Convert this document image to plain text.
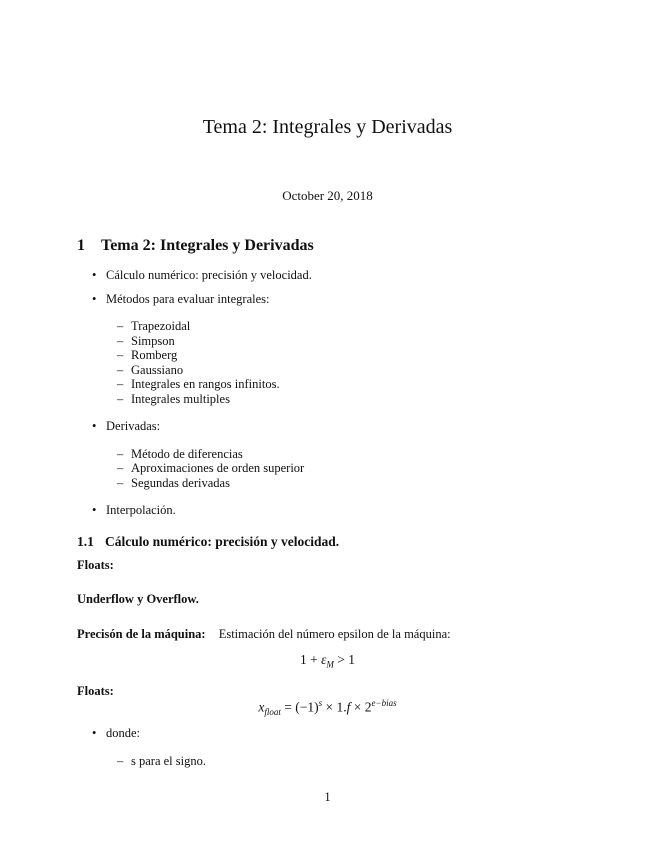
Tema 2: Integrales y Derivadas
October 20, 2018
1 Tema 2: Integrales y Derivadas
• Cálculo numérico: precisión y velocidad.
• Métodos para evaluar integrales:
– Trapezoidal
– Simpson
– Romberg
– Gaussiano
– Integrales en rangos infinitos.
– Integrales multiples
• Derivadas:
– Método de diferencias
– Aproximaciones de orden superior
– Segundas derivadas
• Interpolación.
1.1 Cálculo numérico: precisión y velocidad.
Floats:
Underflow y Overflow.
Precisón de la máquina: Estimación del número epsilon de la máquina:
$1 + \varepsilon_M > 1$
Floats:
$x_{float} = (-1)^s \times 1.f \times 2^{e-bias}$
• donde:
– s para el signo.
1
